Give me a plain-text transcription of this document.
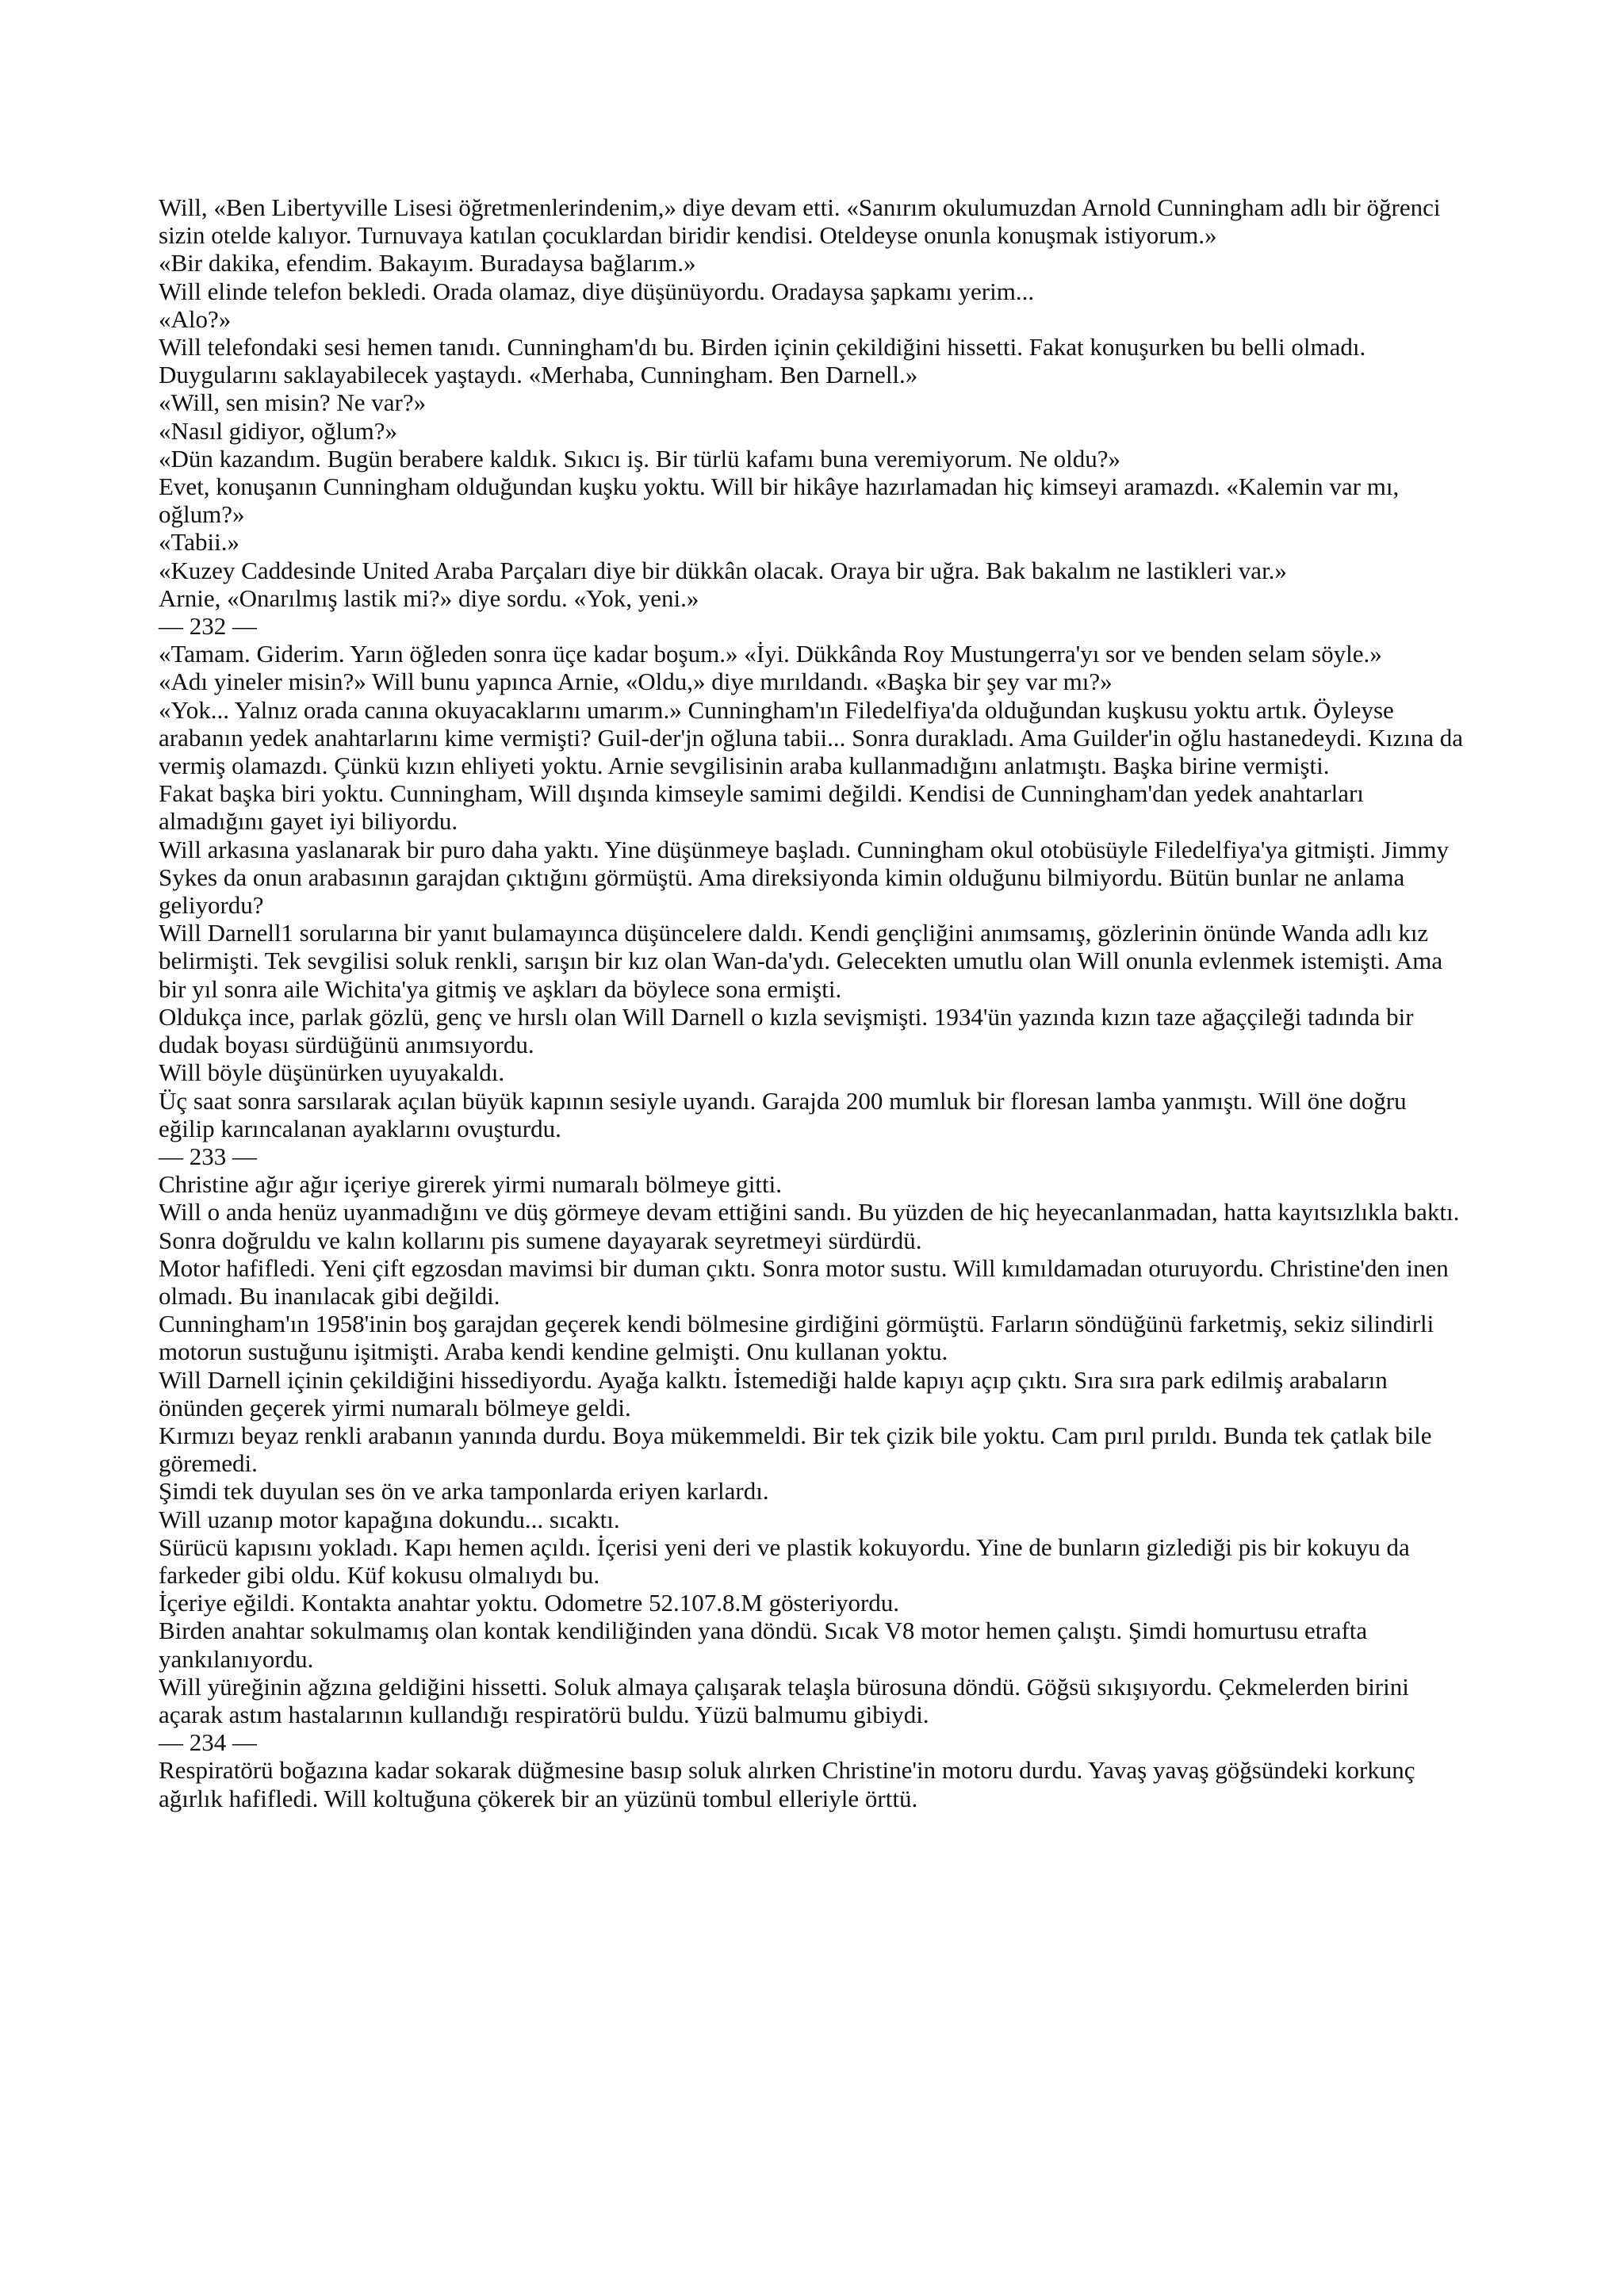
Will, «Ben Libertyville Lisesi öğretmenlerindenim,» diye devam etti. «Sanırım okulumuzdan Arnold Cunningham adlı bir öğrenci sizin otelde kalıyor. Turnuvaya katılan çocuklardan biridir kendisi. Oteldeyse onunla konuşmak istiyorum.»

«Bir dakika, efendim. Bakayım. Buradaysa bağlarım.»

Will elinde telefon bekledi. Orada olamaz, diye düşünüyordu. Oradaysa şapkamı yerim...

«Alo?»

Will telefondaki sesi hemen tanıdı. Cunningham'dı bu. Birden içinin çekildiğini hissetti. Fakat konuşurken bu belli olmadı. Duygularını saklayabilecek yaştaydı. «Merhaba, Cunningham. Ben Darnell.»

«Will, sen misin? Ne var?»

«Nasıl gidiyor, oğlum?»

«Dün kazandım. Bugün berabere kaldık. Sıkıcı iş. Bir türlü kafamı buna veremiyorum. Ne oldu?»

Evet, konuşanın Cunningham olduğundan kuşku yoktu. Will bir hikâye hazırlamadan hiç kimseyi aramazdı. «Kalemin var mı, oğlum?»

«Tabii.»

«Kuzey Caddesinde United Araba Parçaları diye bir dükkân olacak. Oraya bir uğra. Bak bakalım ne lastikleri var.»

Arnie, «Onarılmış lastik mi?» diye sordu. «Yok, yeni.»

— 232 —

«Tamam. Giderim. Yarın öğleden sonra üçe kadar boşum.» «İyi. Dükkânda Roy Mustungerra'yı sor ve benden selam söyle.»

«Adı yineler misin?» Will bunu yapınca Arnie, «Oldu,» diye mırıldandı. «Başka bir şey var mı?»

«Yok... Yalnız orada canına okuyacaklarını umarım.» Cunningham'ın Filedelfiya'da olduğundan kuşkusu yoktu artık. Öyleyse arabanın yedek anahtarlarını kime vermişti? Guil-der'jn oğluna tabii... Sonra durakladı. Ama Guilder'in oğlu hastanedeydi. Kızına da vermiş olamazdı. Çünkü kızın ehliyeti yoktu. Arnie sevgilisinin araba kullanmadığını anlatmıştı. Başka birine vermişti.

Fakat başka biri yoktu. Cunningham, Will dışında kimseyle samimi değildi. Kendisi de Cunningham'dan yedek anahtarları almadığını gayet iyi biliyordu.

Will arkasına yaslanarak bir puro daha yaktı. Yine düşünmeye başladı. Cunningham okul otobüsüyle Filedelfiya'ya gitmişti. Jimmy Sykes da onun arabasının garajdan çıktığını görmüştü. Ama direksiyonda kimin olduğunu bilmiyordu. Bütün bunlar ne anlama geliyordu?

Will Darnell1 sorularına bir yanıt bulamayınca düşüncelere daldı. Kendi gençliğini anımsamış, gözlerinin önünde Wanda adlı kız belirmişti. Tek sevgilisi soluk renkli, sarışın bir kız olan Wan-da'ydı. Gelecekten umutlu olan Will onunla evlenmek istemişti. Ama bir yıl sonra aile Wichita'ya gitmiş ve aşkları da böylece sona ermişti.

Oldukça ince, parlak gözlü, genç ve hırslı olan Will Darnell o kızla sevişmişti. 1934'ün yazında kızın taze ağaççileği tadında bir dudak boyası sürdüğünü anımsıyordu.

Will böyle düşünürken uyuyakaldı.

Üç saat sonra sarsılarak açılan büyük kapının sesiyle uyandı. Garajda 200 mumluk bir floresan lamba yanmıştı. Will öne doğru eğilip karıncalanan ayaklarını ovuşturdu.

— 233 —

Christine ağır ağır içeriye girerek yirmi numaralı bölmeye gitti.

Will o anda henüz uyanmadığını ve düş görmeye devam ettiğini sandı. Bu yüzden de hiç heyecanlanmadan, hatta kayıtsızlıkla baktı. Sonra doğruldu ve kalın kollarını pis sumene dayayarak seyretmeyi sürdürdü.

Motor hafifledi. Yeni çift egzosdan mavimsi bir duman çıktı. Sonra motor sustu. Will kımıldamadan oturuyordu. Christine'den inen olmadı. Bu inanılacak gibi değildi.

Cunningham'ın 1958'inin boş garajdan geçerek kendi bölmesine girdiğini görmüştü. Farların söndüğünü farketmiş, sekiz silindirli motorun sustuğunu işitmişti. Araba kendi kendine gelmişti. Onu kullanan yoktu.

Will Darnell içinin çekildiğini hissediyordu. Ayağa kalktı. İstemediği halde kapıyı açıp çıktı. Sıra sıra park edilmiş arabaların önünden geçerek yirmi numaralı bölmeye geldi.

Kırmızı beyaz renkli arabanın yanında durdu. Boya mükemmeldi. Bir tek çizik bile yoktu. Cam pırıl pırıldı. Bunda tek çatlak bile göremedi.

Şimdi tek duyulan ses ön ve arka tamponlarda eriyen karlardı.

Will uzanıp motor kapağına dokundu... sıcaktı.

Sürücü kapısını yokladı. Kapı hemen açıldı. İçerisi yeni deri ve plastik kokuyordu. Yine de bunların gizlediği pis bir kokuyu da farkeder gibi oldu. Küf kokusu olmalıydı bu.

İçeriye eğildi. Kontakta anahtar yoktu. Odometre 52.107.8.M gösteriyordu.

Birden anahtar sokulmamış olan kontak kendiliğinden yana döndü. Sıcak V8 motor hemen çalıştı. Şimdi homurtusu etrafta yankılanıyordu.

Will yüreğinin ağzına geldiğini hissetti. Soluk almaya çalışarak telaşla bürosuna döndü. Göğsü sıkışıyordu. Çekmelerden birini açarak astım hastalarının kullandığı respiratörü buldu. Yüzü balmumu gibiydi.

— 234 —

Respiratörü boğazına kadar sokarak düğmesine basıp soluk alırken Christine'in motoru durdu. Yavaş yavaş göğsündeki korkunç ağırlık hafifledi. Will koltuğuna çökerek bir an yüzünü tombul elleriyle örttü.
